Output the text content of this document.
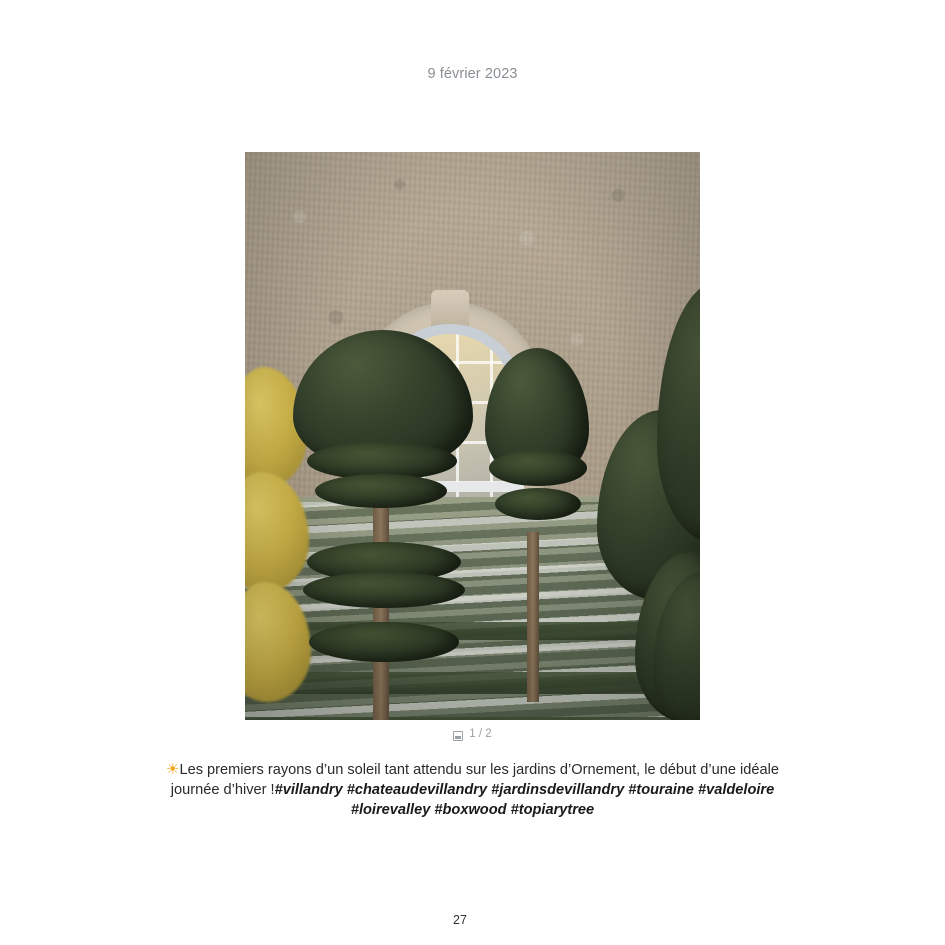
9 février 2023
1 / 2
☀Les premiers rayons d’un soleil tant attendu sur les jardins d’Ornement, le début d’une idéale journée d’hiver !#villandry #chateaudevillandry #jardinsdevillandry #touraine #valdeloire #loirevalley #boxwood #topiarytree
27
